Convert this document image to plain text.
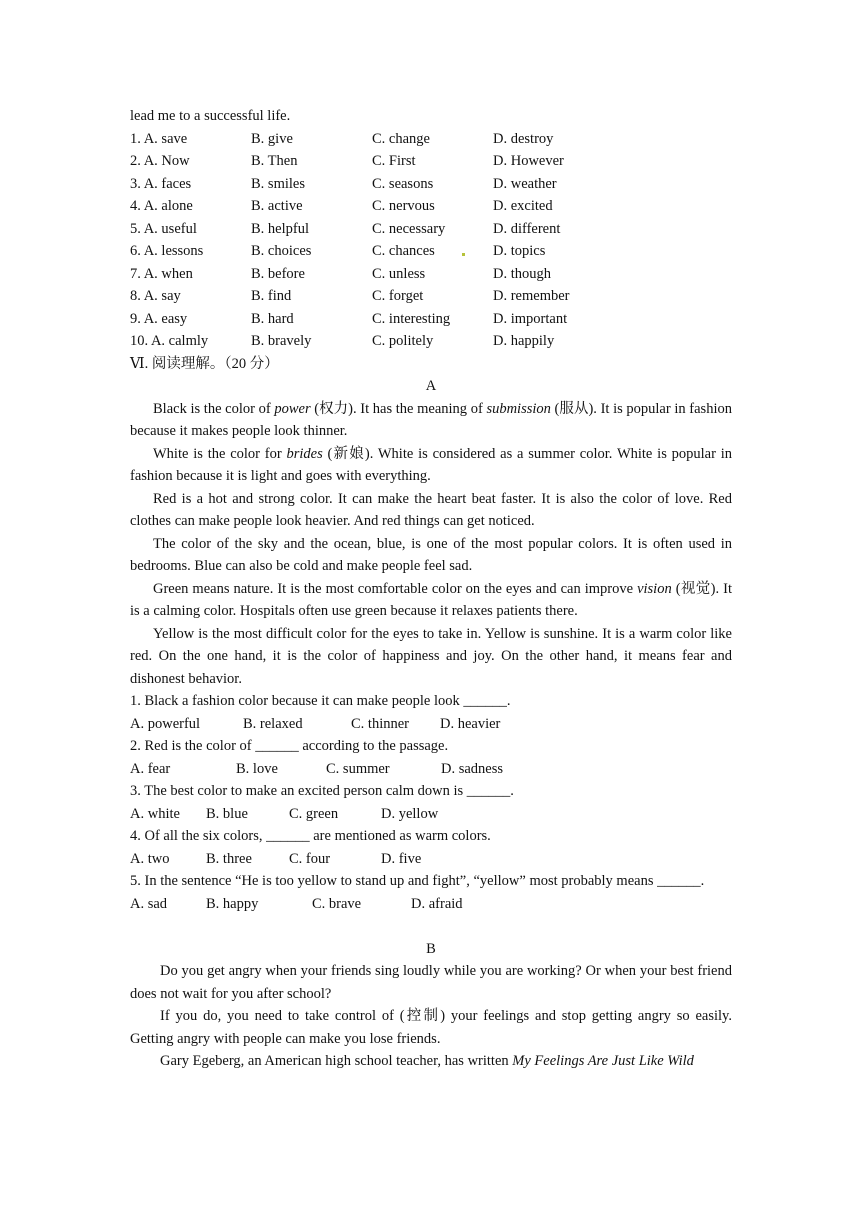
lead me to a successful life.
1. A. save	B. give	C. change	D. destroy
2. A. Now	B. Then	C. First	D. However
3. A. faces	B. smiles	C. seasons	D. weather
4. A. alone	B. active	C. nervous	D. excited
5. A. useful	B. helpful	C. necessary	D. different
6. A. lessons	B. choices	C. chances	D. topics
7. A. when	B. before	C. unless	D. though
8. A. say	B. find	C. forget	D. remember
9. A. easy	B. hard	C. interesting	D. important
10. A. calmly	B. bravely	C. politely	D. happily
Ⅵ. 阅读理解。（20 分）
A
Black is the color of power (权力). It has the meaning of submission (服从). It is popular in fashion because it makes people look thinner.
White is the color for brides (新娘). White is considered as a summer color. White is popular in fashion because it is light and goes with everything.
Red is a hot and strong color. It can make the heart beat faster. It is also the color of love. Red clothes can make people look heavier. And red things can get noticed.
The color of the sky and the ocean, blue, is one of the most popular colors. It is often used in bedrooms. Blue can also be cold and make people feel sad.
Green means nature. It is the most comfortable color on the eyes and can improve vision (视觉). It is a calming color. Hospitals often use green because it relaxes patients there.
Yellow is the most difficult color for the eyes to take in. Yellow is sunshine. It is a warm color like red. On the one hand, it is the color of happiness and joy. On the other hand, it means fear and dishonest behavior.
1. Black a fashion color because it can make people look ______.
A. powerful	B. relaxed	C. thinner	D. heavier
2. Red is the color of ______ according to the passage.
A. fear	B. love	C. summer	D. sadness
3. The best color to make an excited person calm down is ______.
A. white	B. blue	C. green	D. yellow
4. Of all the six colors, ______ are mentioned as warm colors.
A. two	B. three	C. four	D. five
5. In the sentence “He is too yellow to stand up and fight”, “yellow” most probably means ______.
A. sad	B. happy	C. brave	D. afraid
B
Do you get angry when your friends sing loudly while you are working? Or when your best friend does not wait for you after school?
If you do, you need to take control of (控制) your feelings and stop getting angry so easily. Getting angry with people can make you lose friends.
Gary Egeberg, an American high school teacher, has written My Feelings Are Just Like Wild
